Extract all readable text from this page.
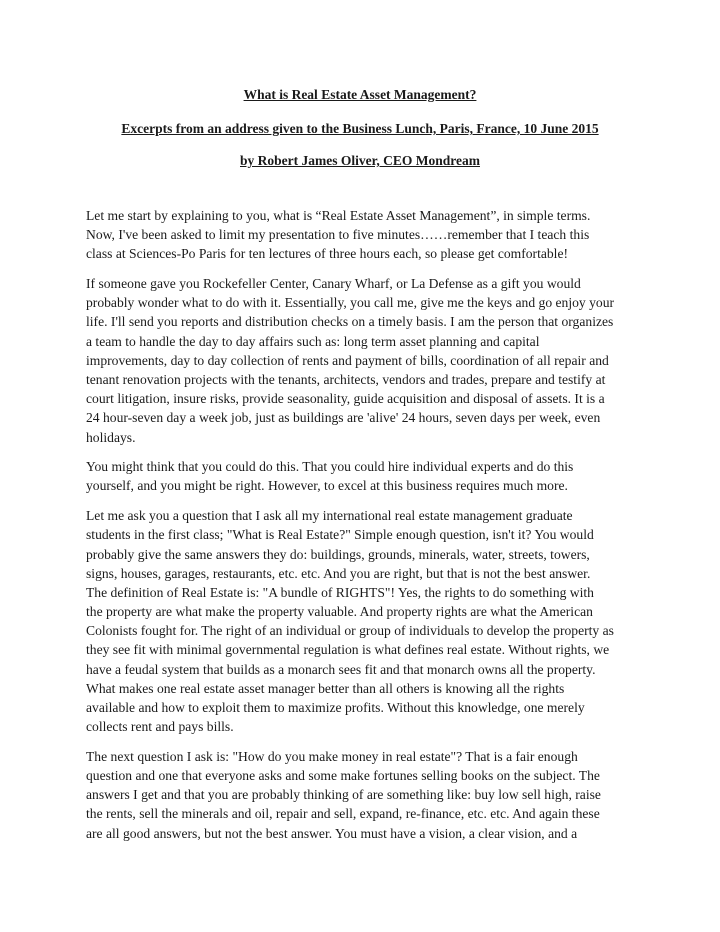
What is Real Estate Asset Management?
Excerpts from an address given to the Business Lunch, Paris, France, 10 June 2015
by Robert James Oliver, CEO Mondream
Let me start by explaining to you, what is “Real Estate Asset Management”, in simple terms.
Now, I've been asked to limit my presentation to five minutes……remember that I teach this
class at Sciences-Po Paris for ten lectures of three hours each, so please get comfortable!
If someone gave you Rockefeller Center, Canary Wharf, or La Defense as a gift you would
probably wonder what to do with it. Essentially, you call me, give me the keys and go enjoy your
life. I'll send you reports and distribution checks on a timely basis. I am the person that organizes
a team to handle the day to day affairs such as: long term asset planning and capital
improvements, day to day collection of rents and payment of bills, coordination of all repair and
tenant renovation projects with the tenants, architects, vendors and trades, prepare and testify at
court litigation, insure risks, provide seasonality, guide acquisition and disposal of assets. It is a
24 hour-seven day a week job, just as buildings are 'alive' 24 hours, seven days per week, even
holidays.
You might think that you could do this. That you could hire individual experts and do this
yourself, and you might be right. However, to excel at this business requires much more.
Let me ask you a question that I ask all my international real estate management graduate
students in the first class; "What is Real Estate?" Simple enough question, isn't it? You would
probably give the same answers they do: buildings, grounds, minerals, water, streets, towers,
signs, houses, garages, restaurants, etc. etc. And you are right, but that is not the best answer.
The definition of Real Estate is: "A bundle of RIGHTS"! Yes, the rights to do something with
the property are what make the property valuable. And property rights are what the American
Colonists fought for. The right of an individual or group of individuals to develop the property as
they see fit with minimal governmental regulation is what defines real estate. Without rights, we
have a feudal system that builds as a monarch sees fit and that monarch owns all the property.
What makes one real estate asset manager better than all others is knowing all the rights
available and how to exploit them to maximize profits. Without this knowledge, one merely
collects rent and pays bills.
The next question I ask is: "How do you make money in real estate"? That is a fair enough
question and one that everyone asks and some make fortunes selling books on the subject. The
answers I get and that you are probably thinking of are something like: buy low sell high, raise
the rents, sell the minerals and oil, repair and sell, expand, re-finance, etc. etc. And again these
are all good answers, but not the best answer. You must have a vision, a clear vision, and a
